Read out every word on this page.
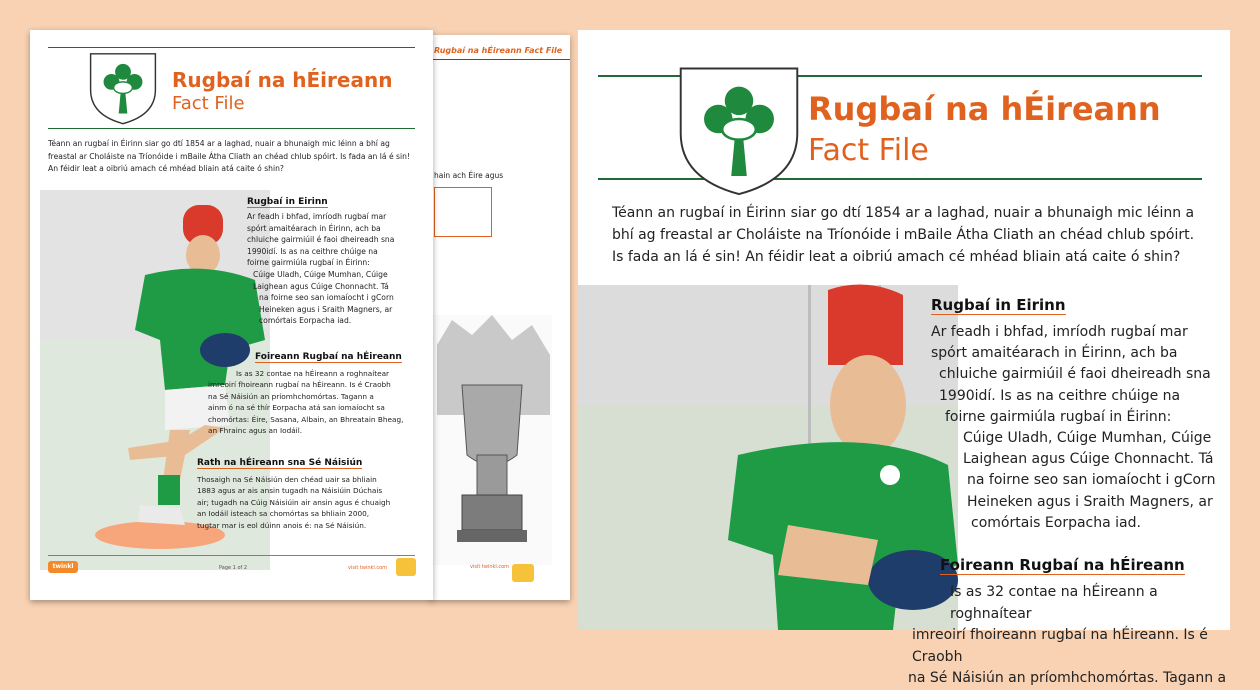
Rugbaí na hÉireann Fact File
hain ach Éire agus
visit twinkl.com
Rugbaí na hÉireann
Fact File
Téann an rugbaí in Éirinn siar go dtí 1854 ar a laghad, nuair a bhunaigh mic léinn a bhí ag freastal ar Choláiste na Tríonóide i mBaile Átha Cliath an chéad chlub spóirt. Is fada an lá é sin! An féidir leat a oibriú amach cé mhéad bliain atá caite ó shin?
Rugbaí in Eirinn
Ar feadh i bhfad, imríodh rugbaí mar
spórt amaitéarach in Éirinn, ach ba
chluiche gairmiúil é faoi dheireadh sna
1990idí. Is as na ceithre chúige na
foirne gairmiúla rugbaí in Éirinn:
Cúige Uladh, Cúige Mumhan, Cúige
Laighean agus Cúige Chonnacht. Tá
na foirne seo san iomaíocht i gCorn
Heineken agus i Sraith Magners, ar
comórtais Eorpacha iad.
Foireann Rugbaí na hÉireann
Is as 32 contae na hÉireann a roghnaítear
imreoirí fhoireann rugbaí na hÉireann. Is é Craobh
na Sé Náisiún an príomhchomórtas. Tagann a
ainm ó na sé thír Eorpacha atá san iomaíocht sa
chomórtas: Éire, Sasana, Albain, an Bhreatain Bheag,
an Fhrainc agus an Iodáil.
Rath na hÉireann sna Sé Náisiún
Thosaigh na Sé Náisiún den chéad uair sa bhliain
1883 agus ar ais ansin tugadh na Náisiúin Dúchais
air; tugadh na Cúig Náisiúin air ansin agus é chuaigh
an Iodáil isteach sa chomórtas sa bhliain 2000,
tugtar mar is eol dúinn anois é: na Sé Náisiún.
twinkl	Page 1 of 2	visit twinkl.com
Rugbaí na hÉireann
Fact File
Téann an rugbaí in Éirinn siar go dtí 1854 ar a laghad, nuair a bhunaigh mic léinn a bhí ag freastal ar Choláiste na Tríonóide i mBaile Átha Cliath an chéad chlub spóirt. Is fada an lá é sin! An féidir leat a oibriú amach cé mhéad bliain atá caite ó shin?
Rugbaí in Eirinn
Ar feadh i bhfad, imríodh rugbaí mar
spórt amaitéarach in Éirinn, ach ba
chluiche gairmiúil é faoi dheireadh sna
1990idí. Is as na ceithre chúige na
foirne gairmiúla rugbaí in Éirinn:
Cúige Uladh, Cúige Mumhan, Cúige
Laighean agus Cúige Chonnacht. Tá
na foirne seo san iomaíocht i gCorn
Heineken agus i Sraith Magners, ar
comórtais Eorpacha iad.
Foireann Rugbaí na hÉireann
Is as 32 contae na hÉireann a roghnaítear
imreoirí fhoireann rugbaí na hÉireann. Is é Craobh
na Sé Náisiún an príomhchomórtas. Tagann a
